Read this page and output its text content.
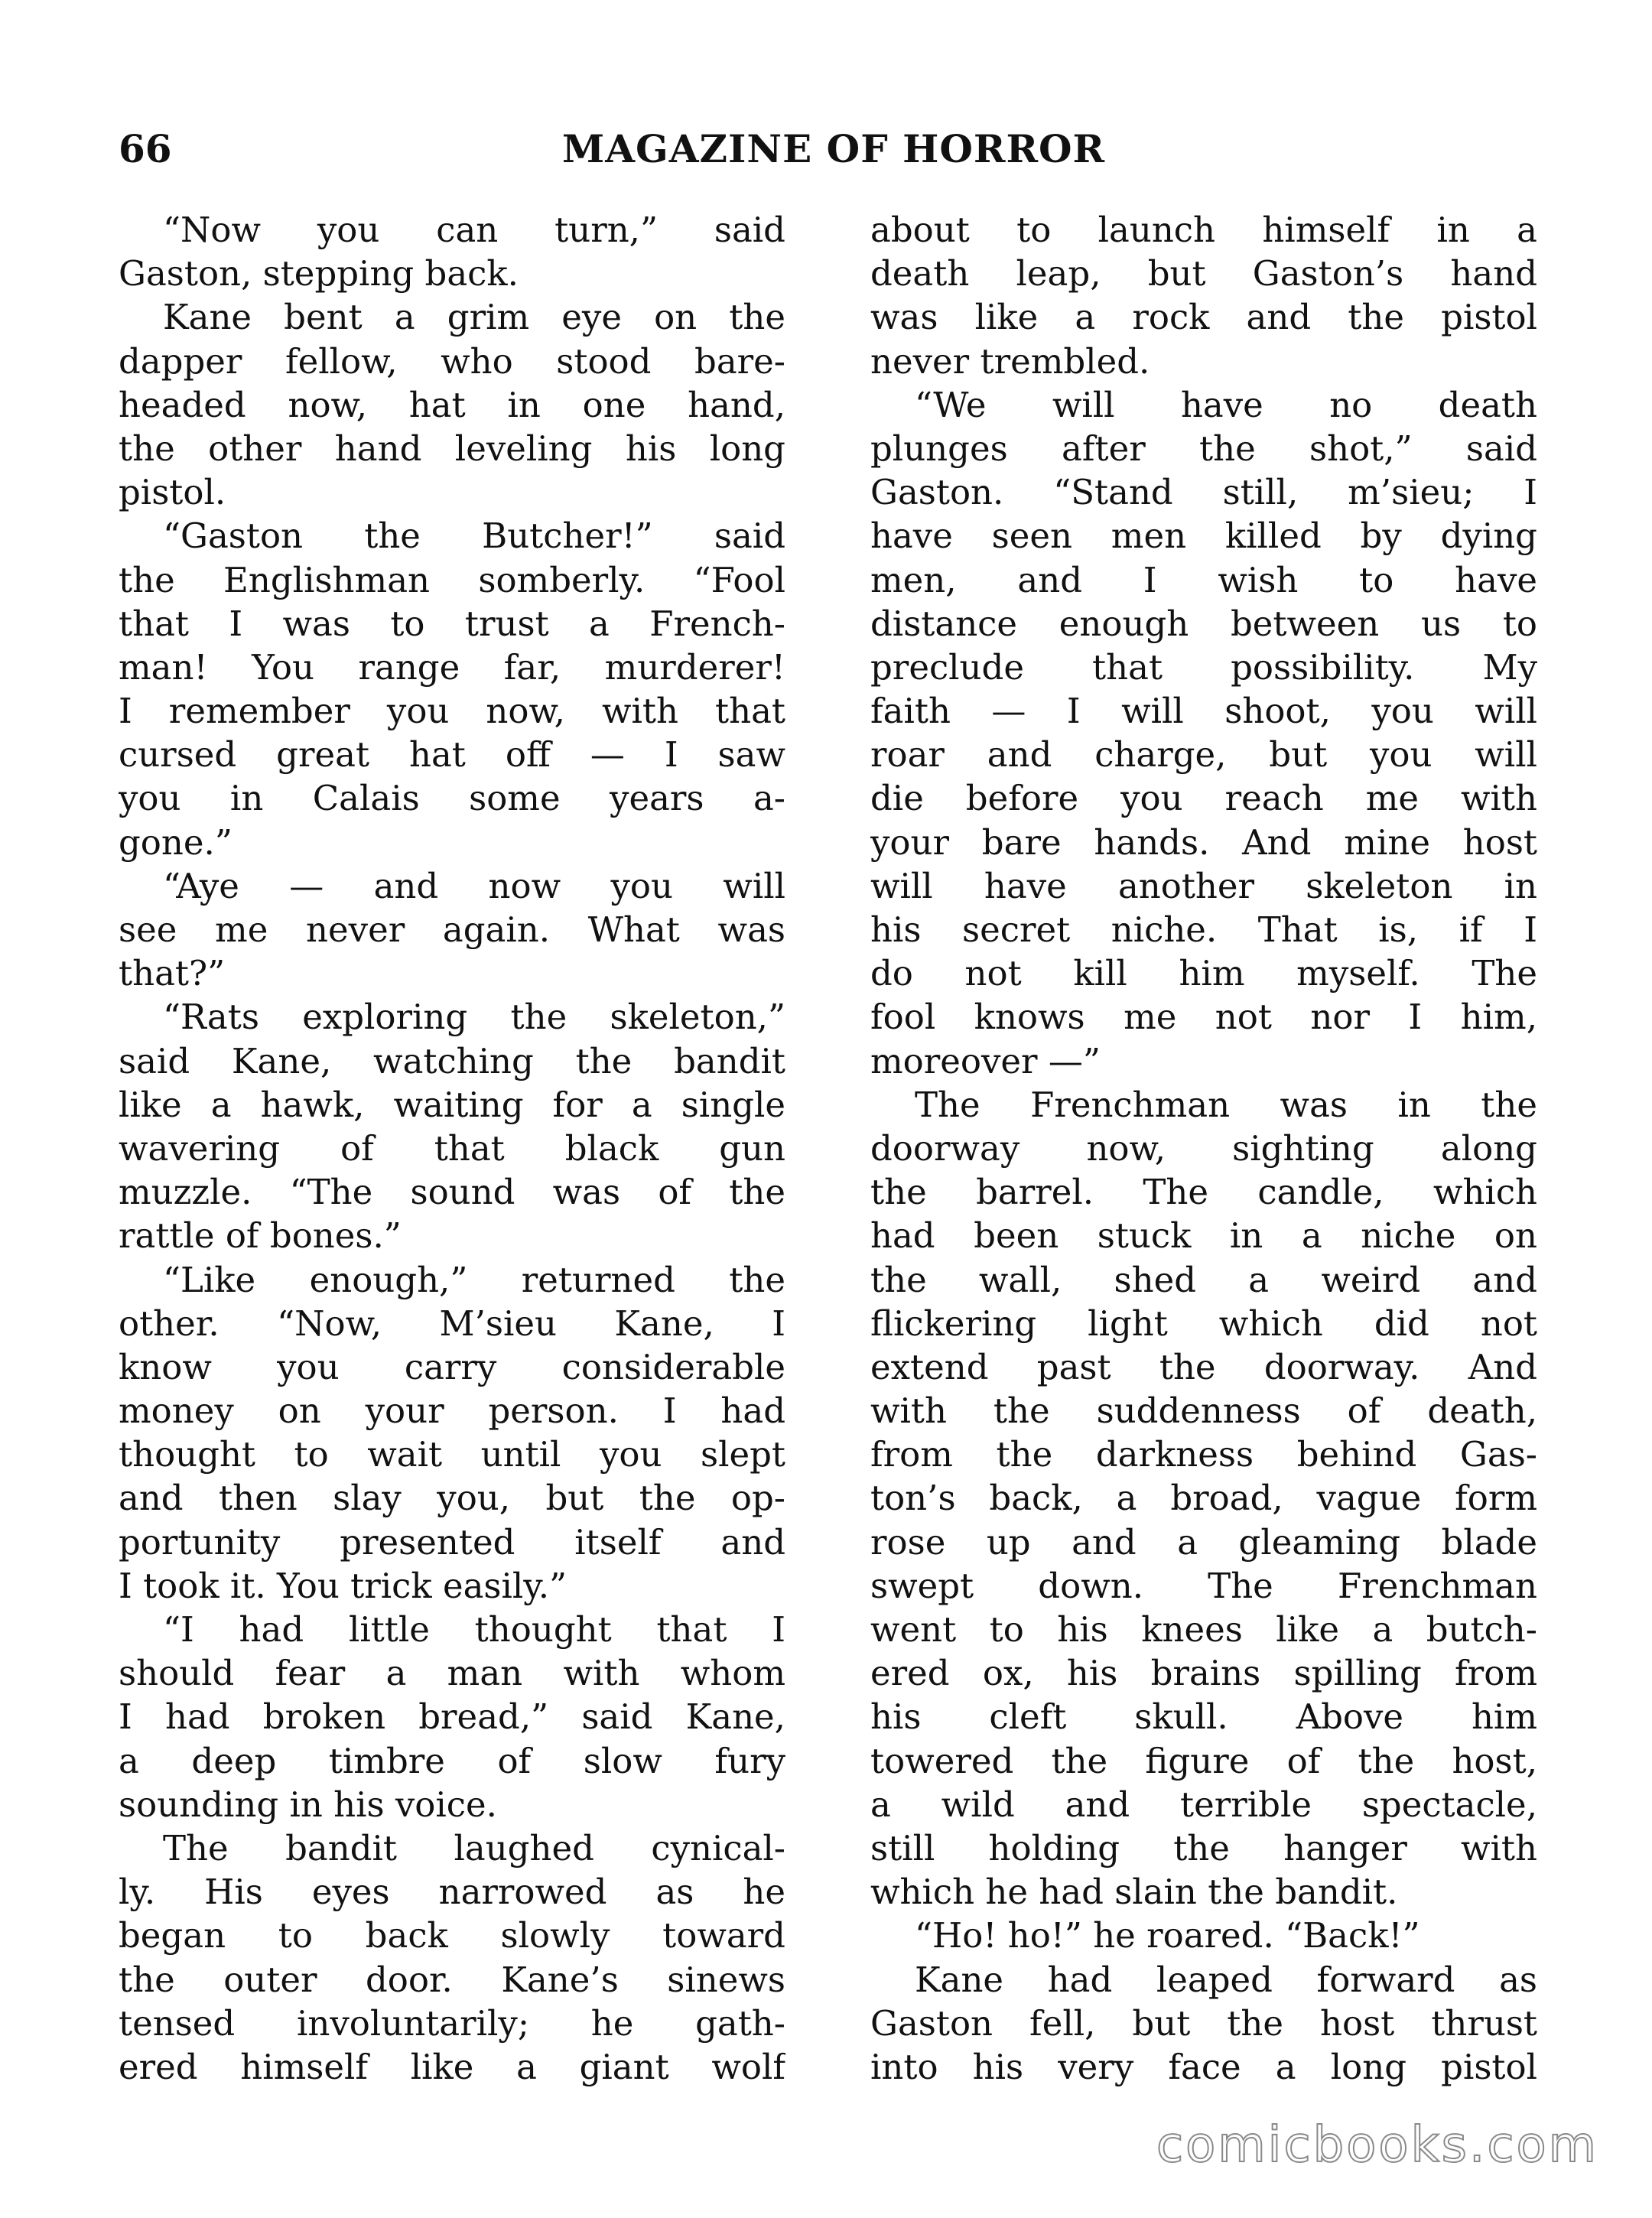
66	MAGAZINE OF HORROR
“Now you can turn,” said
Gaston, stepping back.
Kane bent a grim eye on the
dapper fellow, who stood bare-
headed now, hat in one hand,
the other hand leveling his long
pistol.
“Gaston the Butcher!” said
the Englishman somberly. “Fool
that I was to trust a French-
man! You range far, murderer!
I remember you now, with that
cursed great hat off — I saw
you in Calais some years a-
gone.”
“Aye — and now you will
see me never again. What was
that?”
“Rats exploring the skeleton,”
said Kane, watching the bandit
like a hawk, waiting for a single
wavering of that black gun
muzzle. “The sound was of the
rattle of bones.”
“Like enough,” returned the
other. “Now, M’sieu Kane, I
know you carry considerable
money on your person. I had
thought to wait until you slept
and then slay you, but the op-
portunity presented itself and
I took it. You trick easily.”
“I had little thought that I
should fear a man with whom
I had broken bread,” said Kane,
a deep timbre of slow fury
sounding in his voice.
The bandit laughed cynical-
ly. His eyes narrowed as he
began to back slowly toward
the outer door. Kane’s sinews
tensed involuntarily; he gath-
ered himself like a giant wolf
about to launch himself in a
death leap, but Gaston’s hand
was like a rock and the pistol
never trembled.
“We will have no death
plunges after the shot,” said
Gaston. “Stand still, m’sieu; I
have seen men killed by dying
men, and I wish to have
distance enough between us to
preclude that possibility. My
faith — I will shoot, you will
roar and charge, but you will
die before you reach me with
your bare hands. And mine host
will have another skeleton in
his secret niche. That is, if I
do not kill him myself. The
fool knows me not nor I him,
moreover —”
The Frenchman was in the
doorway now, sighting along
the barrel. The candle, which
had been stuck in a niche on
the wall, shed a weird and
flickering light which did not
extend past the doorway. And
with the suddenness of death,
from the darkness behind Gas-
ton’s back, a broad, vague form
rose up and a gleaming blade
swept down. The Frenchman
went to his knees like a butch-
ered ox, his brains spilling from
his cleft skull. Above him
towered the figure of the host,
a wild and terrible spectacle,
still holding the hanger with
which he had slain the bandit.
“Ho! ho!” he roared. “Back!”
Kane had leaped forward as
Gaston fell, but the host thrust
into his very face a long pistol
comicbooks.com
